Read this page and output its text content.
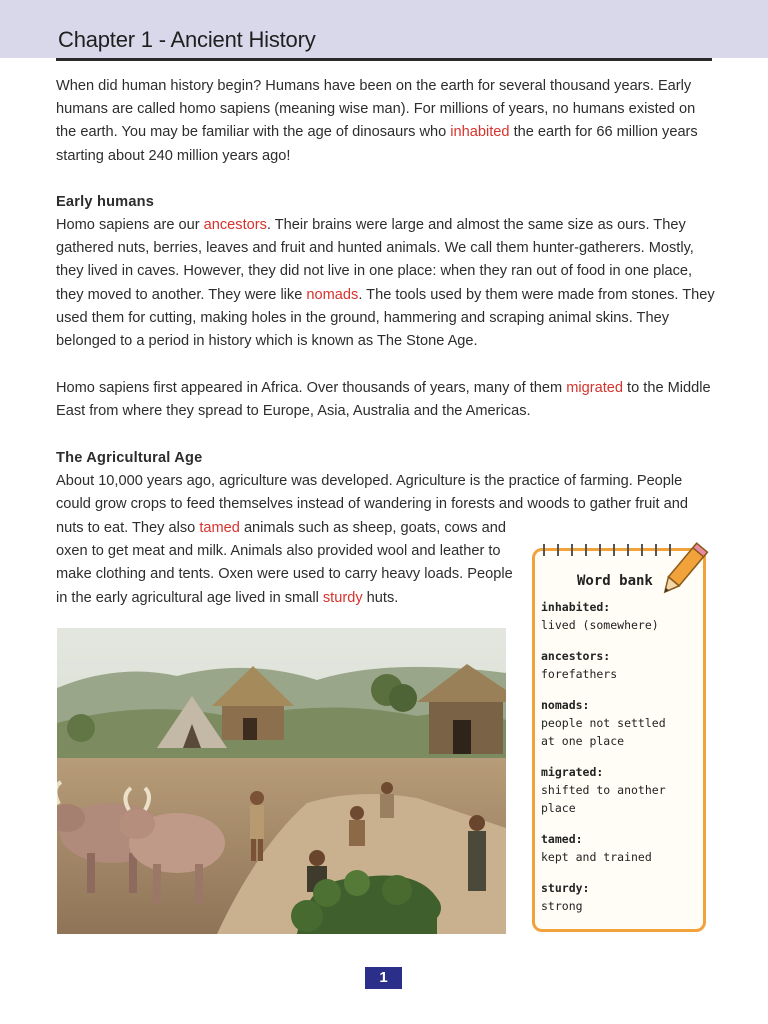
Chapter 1 - Ancient History

When did human history begin? Humans have been on the earth for several thousand years. Early humans are called homo sapiens (meaning wise man). For millions of years, no humans existed on the earth. You may be familiar with the age of dinosaurs who inhabited the earth for 66 million years starting about 240 million years ago!

Early humans

Homo sapiens are our ancestors. Their brains were large and almost the same size as ours. They gathered nuts, berries, leaves and fruit and hunted animals. We call them hunter-gatherers. Mostly, they lived in caves. However, they did not live in one place: when they ran out of food in one place, they moved to another. They were like nomads. The tools used by them were made from stones. They used them for cutting, making holes in the ground, hammering and scraping animal skins. They belonged to a period in history which is known as The Stone Age.

Homo sapiens first appeared in Africa. Over thousands of years, many of them migrated to the Middle East from where they spread to Europe, Asia, Australia and the Americas.

The Agricultural Age

About 10,000 years ago, agriculture was developed. Agriculture is the practice of farming. People could grow crops to feed themselves instead of wandering in forests and woods to gather fruit and

nuts to eat. They also tamed animals such as sheep, goats, cows and oxen to get meat and milk. Animals also provided wool and leather to make clothing and tents. Oxen were used to carry heavy loads. People in the early agricultural age lived in small sturdy huts.

Word bank
inhabited:
lived (somewhere)
ancestors:
forefathers
nomads:
people not settled
at one place
migrated:
shifted to another place
tamed:
kept and trained
sturdy:
strong
1
